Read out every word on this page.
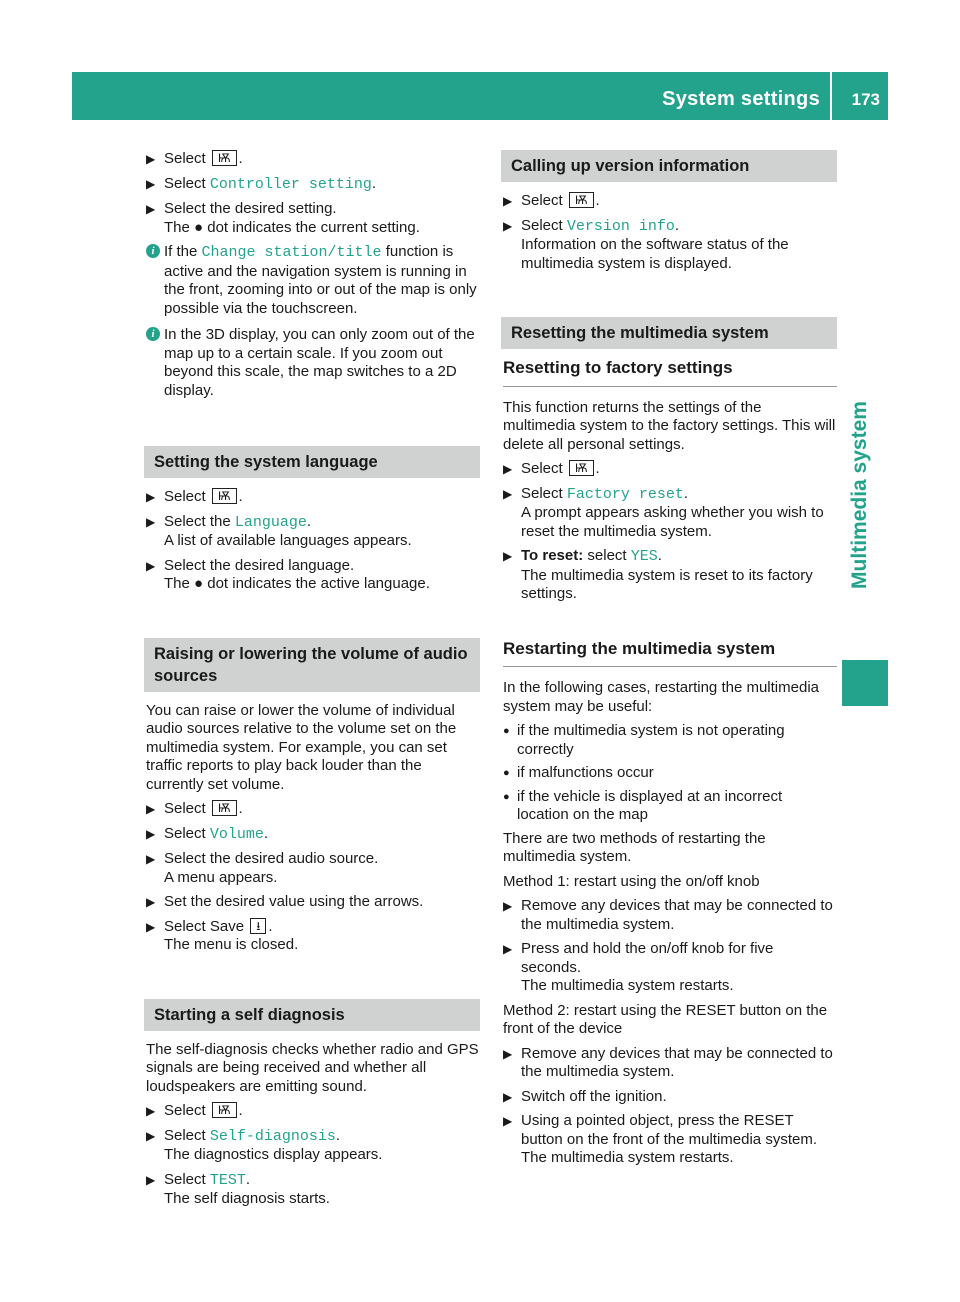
System settings 173
Multimedia system
▶ Select Ѭ .
▶ Select Controller setting.
▶ Select the desired setting.
The ● dot indicates the current setting.
i If the Change station/title function is active and the navigation system is running in the front, zooming into or out of the map is only possible via the touchscreen.
i In the 3D display, you can only zoom out of the map up to a certain scale. If you zoom out beyond this scale, the map switches to a 2D display.
Setting the system language
▶ Select Ѭ .
▶ Select the Language.
A list of available languages appears.
▶ Select the desired language.
The ● dot indicates the active language.
Raising or lowering the volume of audio sources
You can raise or lower the volume of individual audio sources relative to the volume set on the multimedia system. For example, you can set traffic reports to play back louder than the currently set volume.
▶ Select Ѭ .
▶ Select Volume.
▶ Select the desired audio source.
A menu appears.
▶ Set the desired value using the arrows.
▶ Select Save ⭳ .
The menu is closed.
Starting a self diagnosis
The self-diagnosis checks whether radio and GPS signals are being received and whether all loudspeakers are emitting sound.
▶ Select Ѭ .
▶ Select Self-diagnosis.
The diagnostics display appears.
▶ Select TEST.
The self diagnosis starts.
Calling up version information
▶ Select Ѭ .
▶ Select Version info.
Information on the software status of the multimedia system is displayed.
Resetting the multimedia system
Resetting to factory settings
This function returns the settings of the multimedia system to the factory settings. This will delete all personal settings.
▶ Select Ѭ .
▶ Select Factory reset.
A prompt appears asking whether you wish to reset the multimedia system.
▶ To reset: select YES.
The multimedia system is reset to its factory settings.
Restarting the multimedia system
In the following cases, restarting the multimedia system may be useful:
● if the multimedia system is not operating correctly
● if malfunctions occur
● if the vehicle is displayed at an incorrect location on the map
There are two methods of restarting the multimedia system.
Method 1: restart using the on/off knob
▶ Remove any devices that may be connected to the multimedia system.
▶ Press and hold the on/off knob for five seconds.
The multimedia system restarts.
Method 2: restart using the RESET button on the front of the device
▶ Remove any devices that may be connected to the multimedia system.
▶ Switch off the ignition.
▶ Using a pointed object, press the RESET button on the front of the multimedia system.
The multimedia system restarts.
